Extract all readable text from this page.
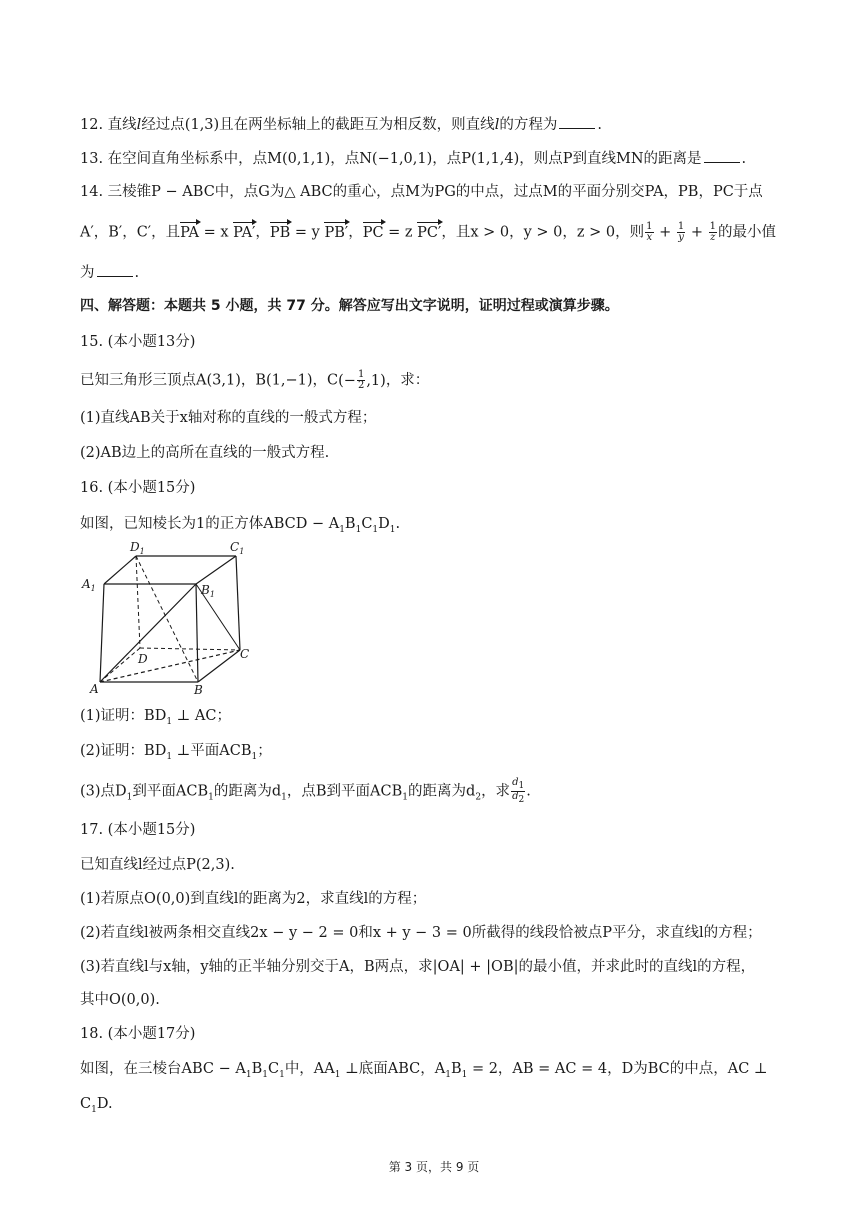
12. 直线l经过点(1,3)且在两坐标轴上的截距互为相反数，则直线l的方程为	.
13. 在空间直角坐标系中，点M(0,1,1)，点N(−1,0,1)，点P(1,1,4)，则点P到直线MN的距离是	.
14. 三棱锥P − ABC中，点G为△ ABC的重心，点M为PG的中点，过点M的平面分别交PA，PB，PC于点
A′，B′，C′，且PA = x PA′，PB = y PB′，PC = z PC′，且x > 0，y > 0，z > 0，则 $\frac{1}{x} + \frac{1}{y} + \frac{1}{z}$ 的最小值
为	.
四、解答题：本题共 5 小题，共 77 分。解答应写出文字说明，证明过程或演算步骤。
15. (本小题13分)
已知三角形三顶点A(3,1)，B(1,−1)，$C(- \frac{1}{2} ,1)$，求：
(1)直线AB关于x轴对称的直线的一般式方程；
(2)AB边上的高所在直线的一般式方程.
16. (本小题15分)
如图，已知棱长为1的正方体ABCD − $A_1B_1C_1D_1$.
$D_1$	$C_1$
$A_1$	$B_1$
D	C
A	B
(1)证明：$BD_1$ ⊥ AC；
(2)证明：$BD_1$ ⊥平面$ACB_1$；
(3)点$D_1$到平面$ACB_1$的距离为$d_1$，点B到平面$ACB_1$的距离为$d_2$，求 $\frac{d_1}{d_2}$ .
17. (本小题15分)
已知直线l经过点P(2,3).
(1)若原点O(0,0)到直线l的距离为2，求直线l的方程；
(2)若直线l被两条相交直线2x − y − 2 = 0和x + y − 3 = 0所截得的线段恰被点P平分，求直线l的方程；
(3)若直线l与x轴，y轴的正半轴分别交于A，B两点，求|OA| + |OB|的最小值，并求此时的直线l的方程，
其中O(0,0).
18. (本小题17分)
如图，在三棱台ABC − $A_1B_1C_1$中，$AA_1$ ⊥底面ABC，$A_1B_1 = 2$，AB = AC = 4，D为BC的中点，AC ⊥
$C_1D$.
第 3 页，共 9 页
